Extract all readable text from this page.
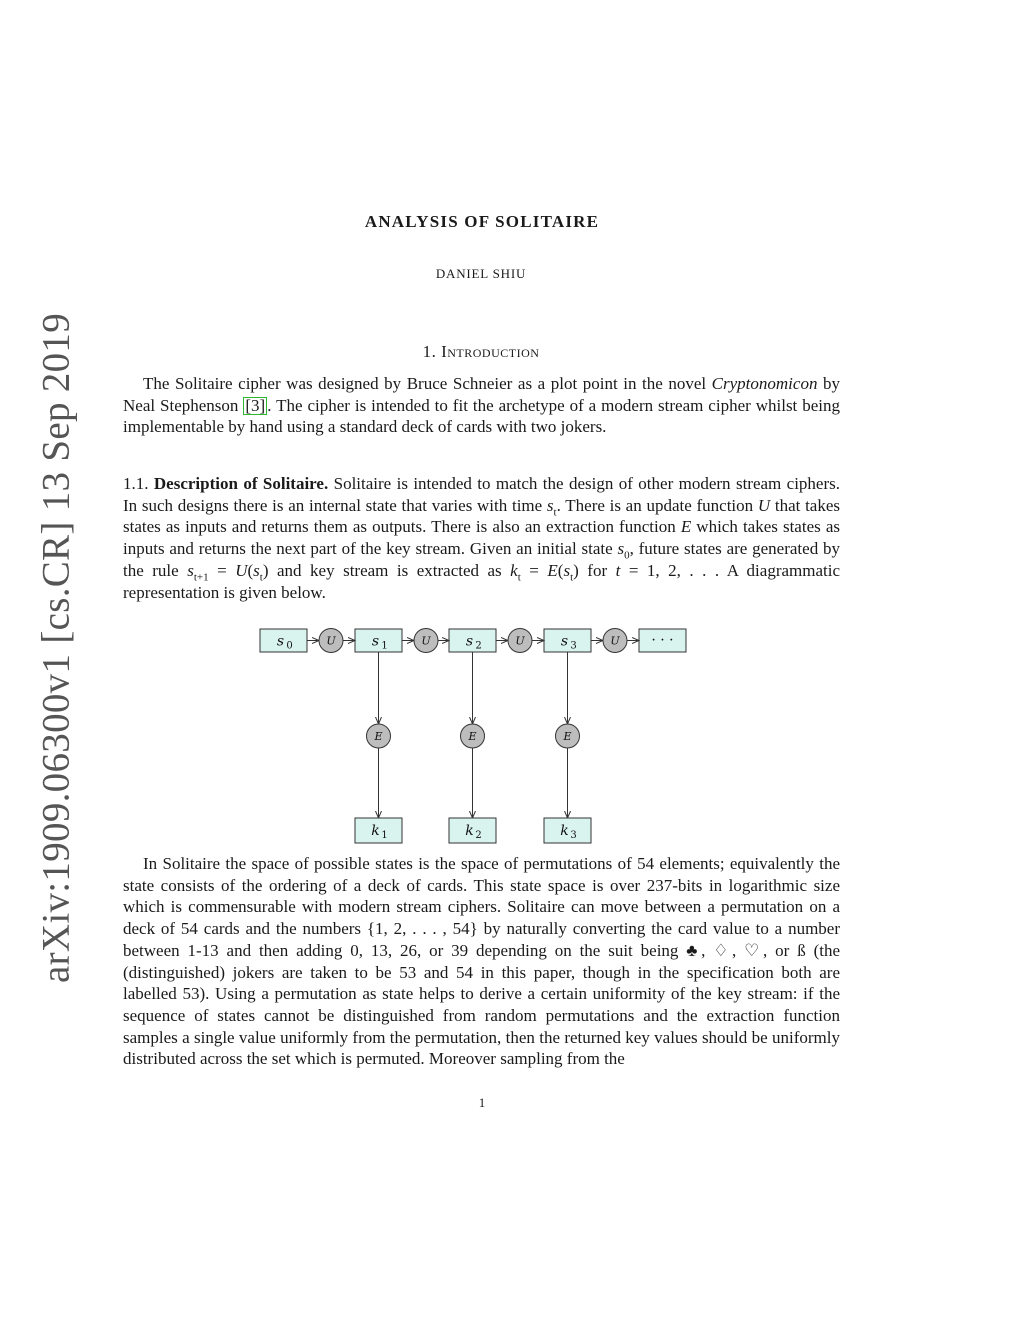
arXiv:1909.06300v1 [cs.CR] 13 Sep 2019
ANALYSIS OF SOLITAIRE
DANIEL SHIU
1. Introduction

The Solitaire cipher was designed by Bruce Schneier as a plot point in the novel Cryptonomicon by Neal Stephenson [3] . The cipher is intended to fit the archetype of a modern stream cipher whilst being implementable by hand using a standard deck of cards with two jokers.

1.1. Description of Solitaire. Solitaire is intended to match the design of other modern stream ciphers. In such designs there is an internal state that varies with time $s_t$. There is an update function U that takes states as inputs and returns them as outputs. There is also an extraction function E which takes states as inputs and returns the next part of the key stream. Given an initial state $s_0$, future states are generated by the rule $s_{t+1} = U(s_t)$ and key stream is extracted as $k_t = E(s_t)$ for t = 1, 2, . . . A diagrammatic representation is given below.

s 0	s 1	s 2	s 3	· · ·
U	U	U	U
E
k 1
E
k 2
E
k 3

In Solitaire the space of possible states is the space of permutations of 54 elements; equivalently the state consists of the ordering of a deck of cards. This state space is over 237-bits in logarithmic size which is commensurable with modern stream ciphers. Solitaire can move between a permutation on a deck of 54 cards and the numbers {1, 2, . . . , 54} by naturally converting the card value to a number between 1-13 and then adding 0, 13, 26, or 39 depending on the suit being ♣, ♢, ♡, or ß (the (distinguished) jokers are taken to be 53 and 54 in this paper, though in the specification both are labelled 53). Using a permutation as state helps to derive a certain uniformity of the key stream: if the sequence of states cannot be distinguished from random permutations and the extraction function samples a single value uniformly from the permutation, then the returned key values should be uniformly distributed across the set which is permuted. Moreover sampling from the

1
